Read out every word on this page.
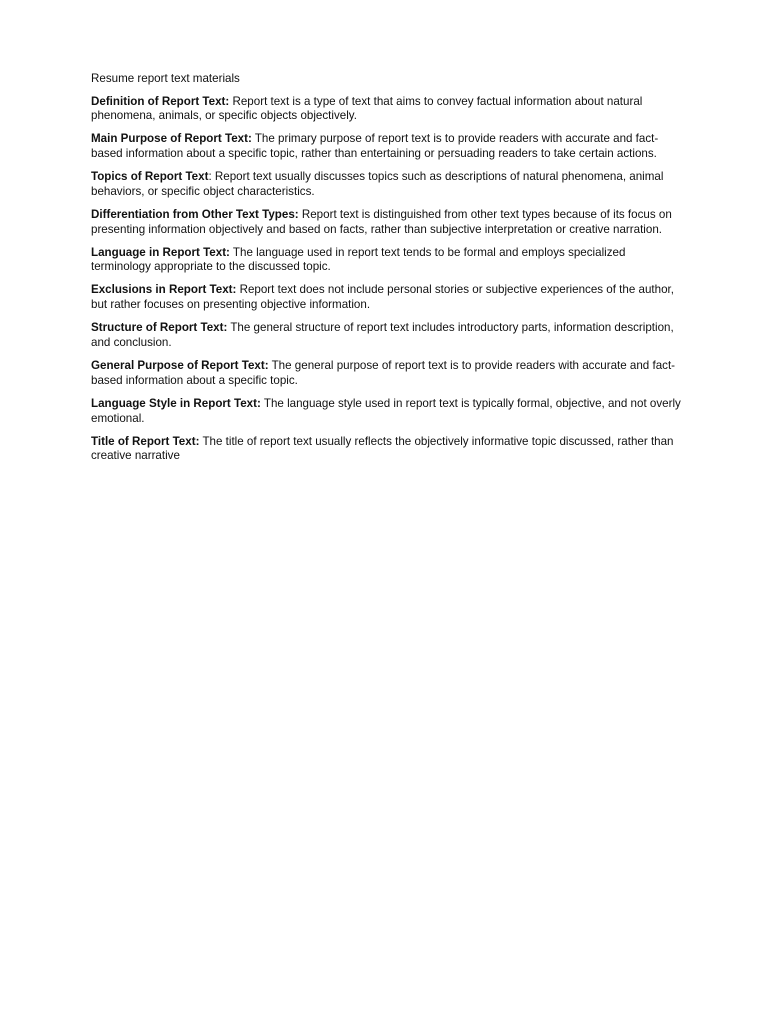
Resume report text materials

Definition of Report Text: Report text is a type of text that aims to convey factual information about natural phenomena, animals, or specific objects objectively.

Main Purpose of Report Text: The primary purpose of report text is to provide readers with accurate and fact-based information about a specific topic, rather than entertaining or persuading readers to take certain actions.

Topics of Report Text: Report text usually discusses topics such as descriptions of natural phenomena, animal behaviors, or specific object characteristics.

Differentiation from Other Text Types: Report text is distinguished from other text types because of its focus on presenting information objectively and based on facts, rather than subjective interpretation or creative narration.

Language in Report Text: The language used in report text tends to be formal and employs specialized terminology appropriate to the discussed topic.

Exclusions in Report Text: Report text does not include personal stories or subjective experiences of the author, but rather focuses on presenting objective information.

Structure of Report Text: The general structure of report text includes introductory parts, information description, and conclusion.

General Purpose of Report Text: The general purpose of report text is to provide readers with accurate and fact-based information about a specific topic.

Language Style in Report Text: The language style used in report text is typically formal, objective, and not overly emotional.

Title of Report Text: The title of report text usually reflects the objectively informative topic discussed, rather than creative narrative
